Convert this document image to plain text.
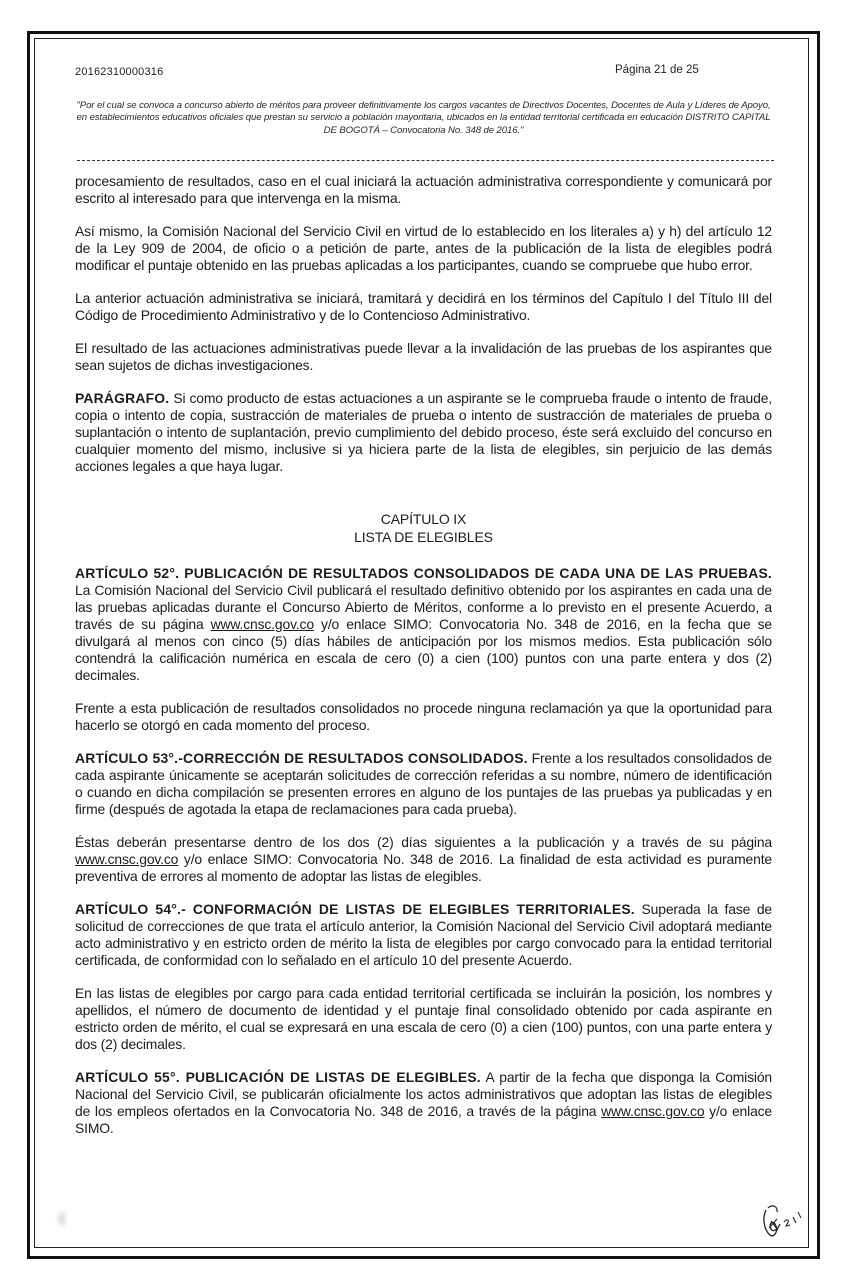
20162310000316	Página 21 de 25
"Por el cual se convoca a concurso abierto de méritos para proveer definitivamente los cargos vacantes de Directivos Docentes, Docentes de Aula y Líderes de Apoyo, en establecimientos educativos oficiales que prestan su servicio a población mayoritaria, ubicados en la entidad territorial certificada en educación DISTRITO CAPITAL DE BOGOTÁ – Convocatoria No. 348 de 2016."

procesamiento de resultados, caso en el cual iniciará la actuación administrativa correspondiente y comunicará por escrito al interesado para que intervenga en la misma.

Así mismo, la Comisión Nacional del Servicio Civil en virtud de lo establecido en los literales a) y h) del artículo 12 de la Ley 909 de 2004, de oficio o a petición de parte, antes de la publicación de la lista de elegibles podrá modificar el puntaje obtenido en las pruebas aplicadas a los participantes, cuando se compruebe que hubo error.

La anterior actuación administrativa se iniciará, tramitará y decidirá en los términos del Capítulo I del Título III del Código de Procedimiento Administrativo y de lo Contencioso Administrativo.

El resultado de las actuaciones administrativas puede llevar a la invalidación de las pruebas de los aspirantes que sean sujetos de dichas investigaciones.

PARÁGRAFO. Si como producto de estas actuaciones a un aspirante se le comprueba fraude o intento de fraude, copia o intento de copia, sustracción de materiales de prueba o intento de sustracción de materiales de prueba o suplantación o intento de suplantación, previo cumplimiento del debido proceso, éste será excluido del concurso en cualquier momento del mismo, inclusive si ya hiciera parte de la lista de elegibles, sin perjuicio de las demás acciones legales a que haya lugar.

CAPÍTULO IX
LISTA DE ELEGIBLES

ARTÍCULO 52°. PUBLICACIÓN DE RESULTADOS CONSOLIDADOS DE CADA UNA DE LAS PRUEBAS. La Comisión Nacional del Servicio Civil publicará el resultado definitivo obtenido por los aspirantes en cada una de las pruebas aplicadas durante el Concurso Abierto de Méritos, conforme a lo previsto en el presente Acuerdo, a través de su página www.cnsc.gov.co y/o enlace SIMO: Convocatoria No. 348 de 2016, en la fecha que se divulgará al menos con cinco (5) días hábiles de anticipación por los mismos medios. Esta publicación sólo contendrá la calificación numérica en escala de cero (0) a cien (100) puntos con una parte entera y dos (2) decimales.

Frente a esta publicación de resultados consolidados no procede ninguna reclamación ya que la oportunidad para hacerlo se otorgó en cada momento del proceso.

ARTÍCULO 53°.-CORRECCIÓN DE RESULTADOS CONSOLIDADOS. Frente a los resultados consolidados de cada aspirante únicamente se aceptarán solicitudes de corrección referidas a su nombre, número de identificación o cuando en dicha compilación se presenten errores en alguno de los puntajes de las pruebas ya publicadas y en firme (después de agotada la etapa de reclamaciones para cada prueba).

Éstas deberán presentarse dentro de los dos (2) días siguientes a la publicación y a través de su página www.cnsc.gov.co y/o enlace SIMO: Convocatoria No. 348 de 2016. La finalidad de esta actividad es puramente preventiva de errores al momento de adoptar las listas de elegibles.

ARTÍCULO 54°.- CONFORMACIÓN DE LISTAS DE ELEGIBLES TERRITORIALES. Superada la fase de solicitud de correcciones de que trata el artículo anterior, la Comisión Nacional del Servicio Civil adoptará mediante acto administrativo y en estricto orden de mérito la lista de elegibles por cargo convocado para la entidad territorial certificada, de conformidad con lo señalado en el artículo 10 del presente Acuerdo.

En las listas de elegibles por cargo para cada entidad territorial certificada se incluirán la posición, los nombres y apellidos, el número de documento de identidad y el puntaje final consolidado obtenido por cada aspirante en estricto orden de mérito, el cual se expresará en una escala de cero (0) a cien (100) puntos, con una parte entera y dos (2) decimales.

ARTÍCULO 55°. PUBLICACIÓN DE LISTAS DE ELEGIBLES. A partir de la fecha que disponga la Comisión Nacional del Servicio Civil, se publicarán oficialmente los actos administrativos que adoptan las listas de elegibles de los empleos ofertados en la Convocatoria No. 348 de 2016, a través de la página www.cnsc.gov.co y/o enlace SIMO.
